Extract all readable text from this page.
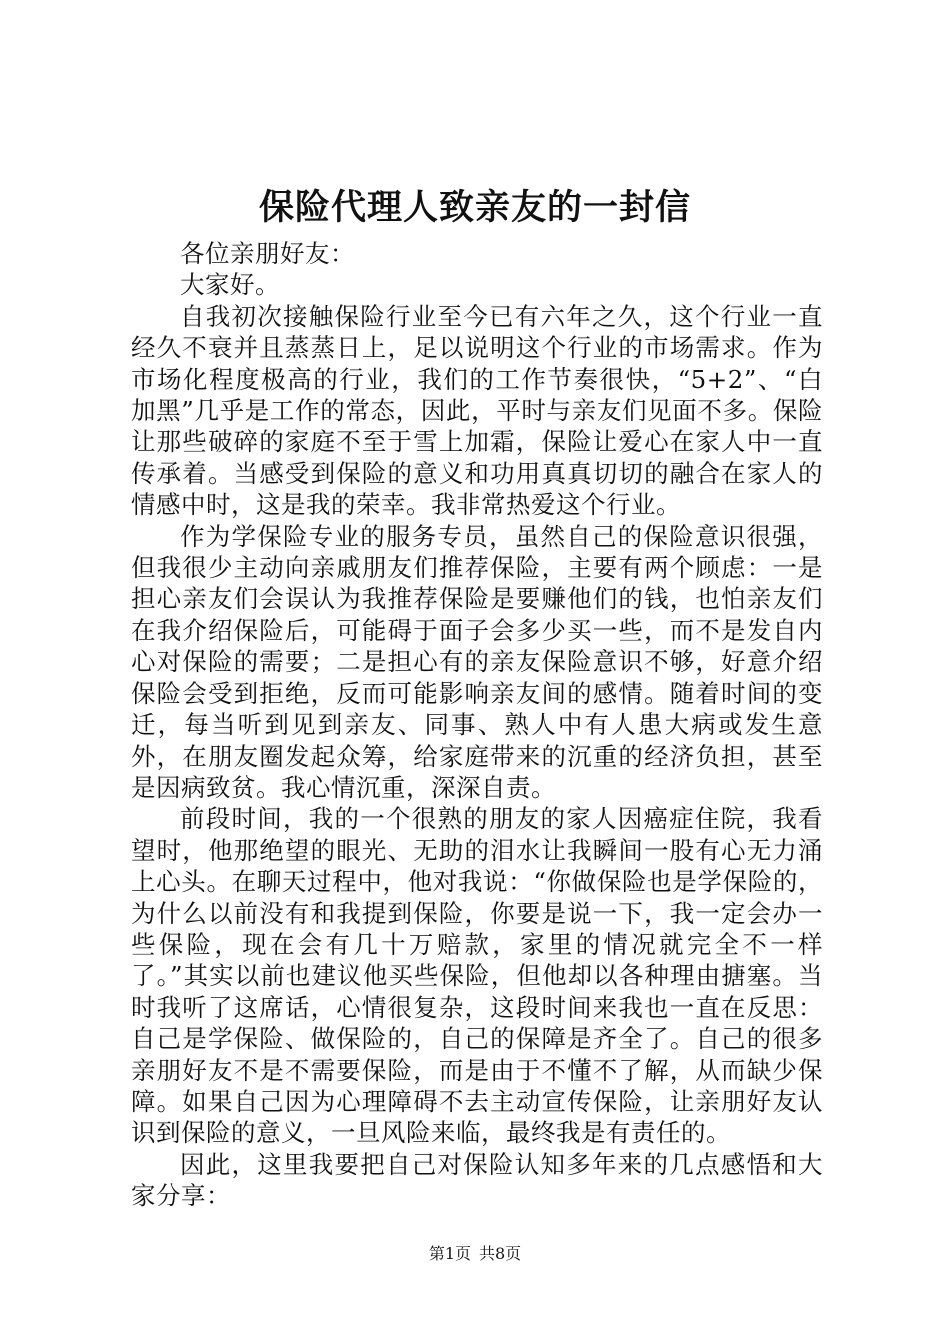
保险代理人致亲友的一封信

各位亲朋好友：

大家好。

自我初次接触保险行业至今已有六年之久，这个行业一直经久不衰并且蒸蒸日上，足以说明这个行业的市场需求。作为市场化程度极高的行业，我们的工作节奏很快，“5+2”、“白加黑”几乎是工作的常态，因此，平时与亲友们见面不多。保险让那些破碎的家庭不至于雪上加霜，保险让爱心在家人中一直传承着。当感受到保险的意义和功用真真切切的融合在家人的情感中时，这是我的荣幸。我非常热爱这个行业。

作为学保险专业的服务专员，虽然自己的保险意识很强，但我很少主动向亲戚朋友们推荐保险，主要有两个顾虑：一是担心亲友们会误认为我推荐保险是要赚他们的钱，也怕亲友们在我介绍保险后，可能碍于面子会多少买一些，而不是发自内心对保险的需要；二是担心有的亲友保险意识不够，好意介绍保险会受到拒绝，反而可能影响亲友间的感情。随着时间的变迁，每当听到见到亲友、同事、熟人中有人患大病或发生意外，在朋友圈发起众筹，给家庭带来的沉重的经济负担，甚至是因病致贫。我心情沉重，深深自责。

前段时间，我的一个很熟的朋友的家人因癌症住院，我看望时，他那绝望的眼光、无助的泪水让我瞬间一股有心无力涌上心头。在聊天过程中，他对我说：“你做保险也是学保险的，为什么以前没有和我提到保险，你要是说一下，我一定会办一些保险，现在会有几十万赔款，家里的情况就完全不一样了。”其实以前也建议他买些保险，但他却以各种理由搪塞。当时我听了这席话，心情很复杂，这段时间来我也一直在反思：自己是学保险、做保险的，自己的保障是齐全了。自己的很多亲朋好友不是不需要保险，而是由于不懂不了解，从而缺少保障。如果自己因为心理障碍不去主动宣传保险，让亲朋好友认识到保险的意义，一旦风险来临，最终我是有责任的。

因此，这里我要把自己对保险认知多年来的几点感悟和大家分享：

第1页 共8页
